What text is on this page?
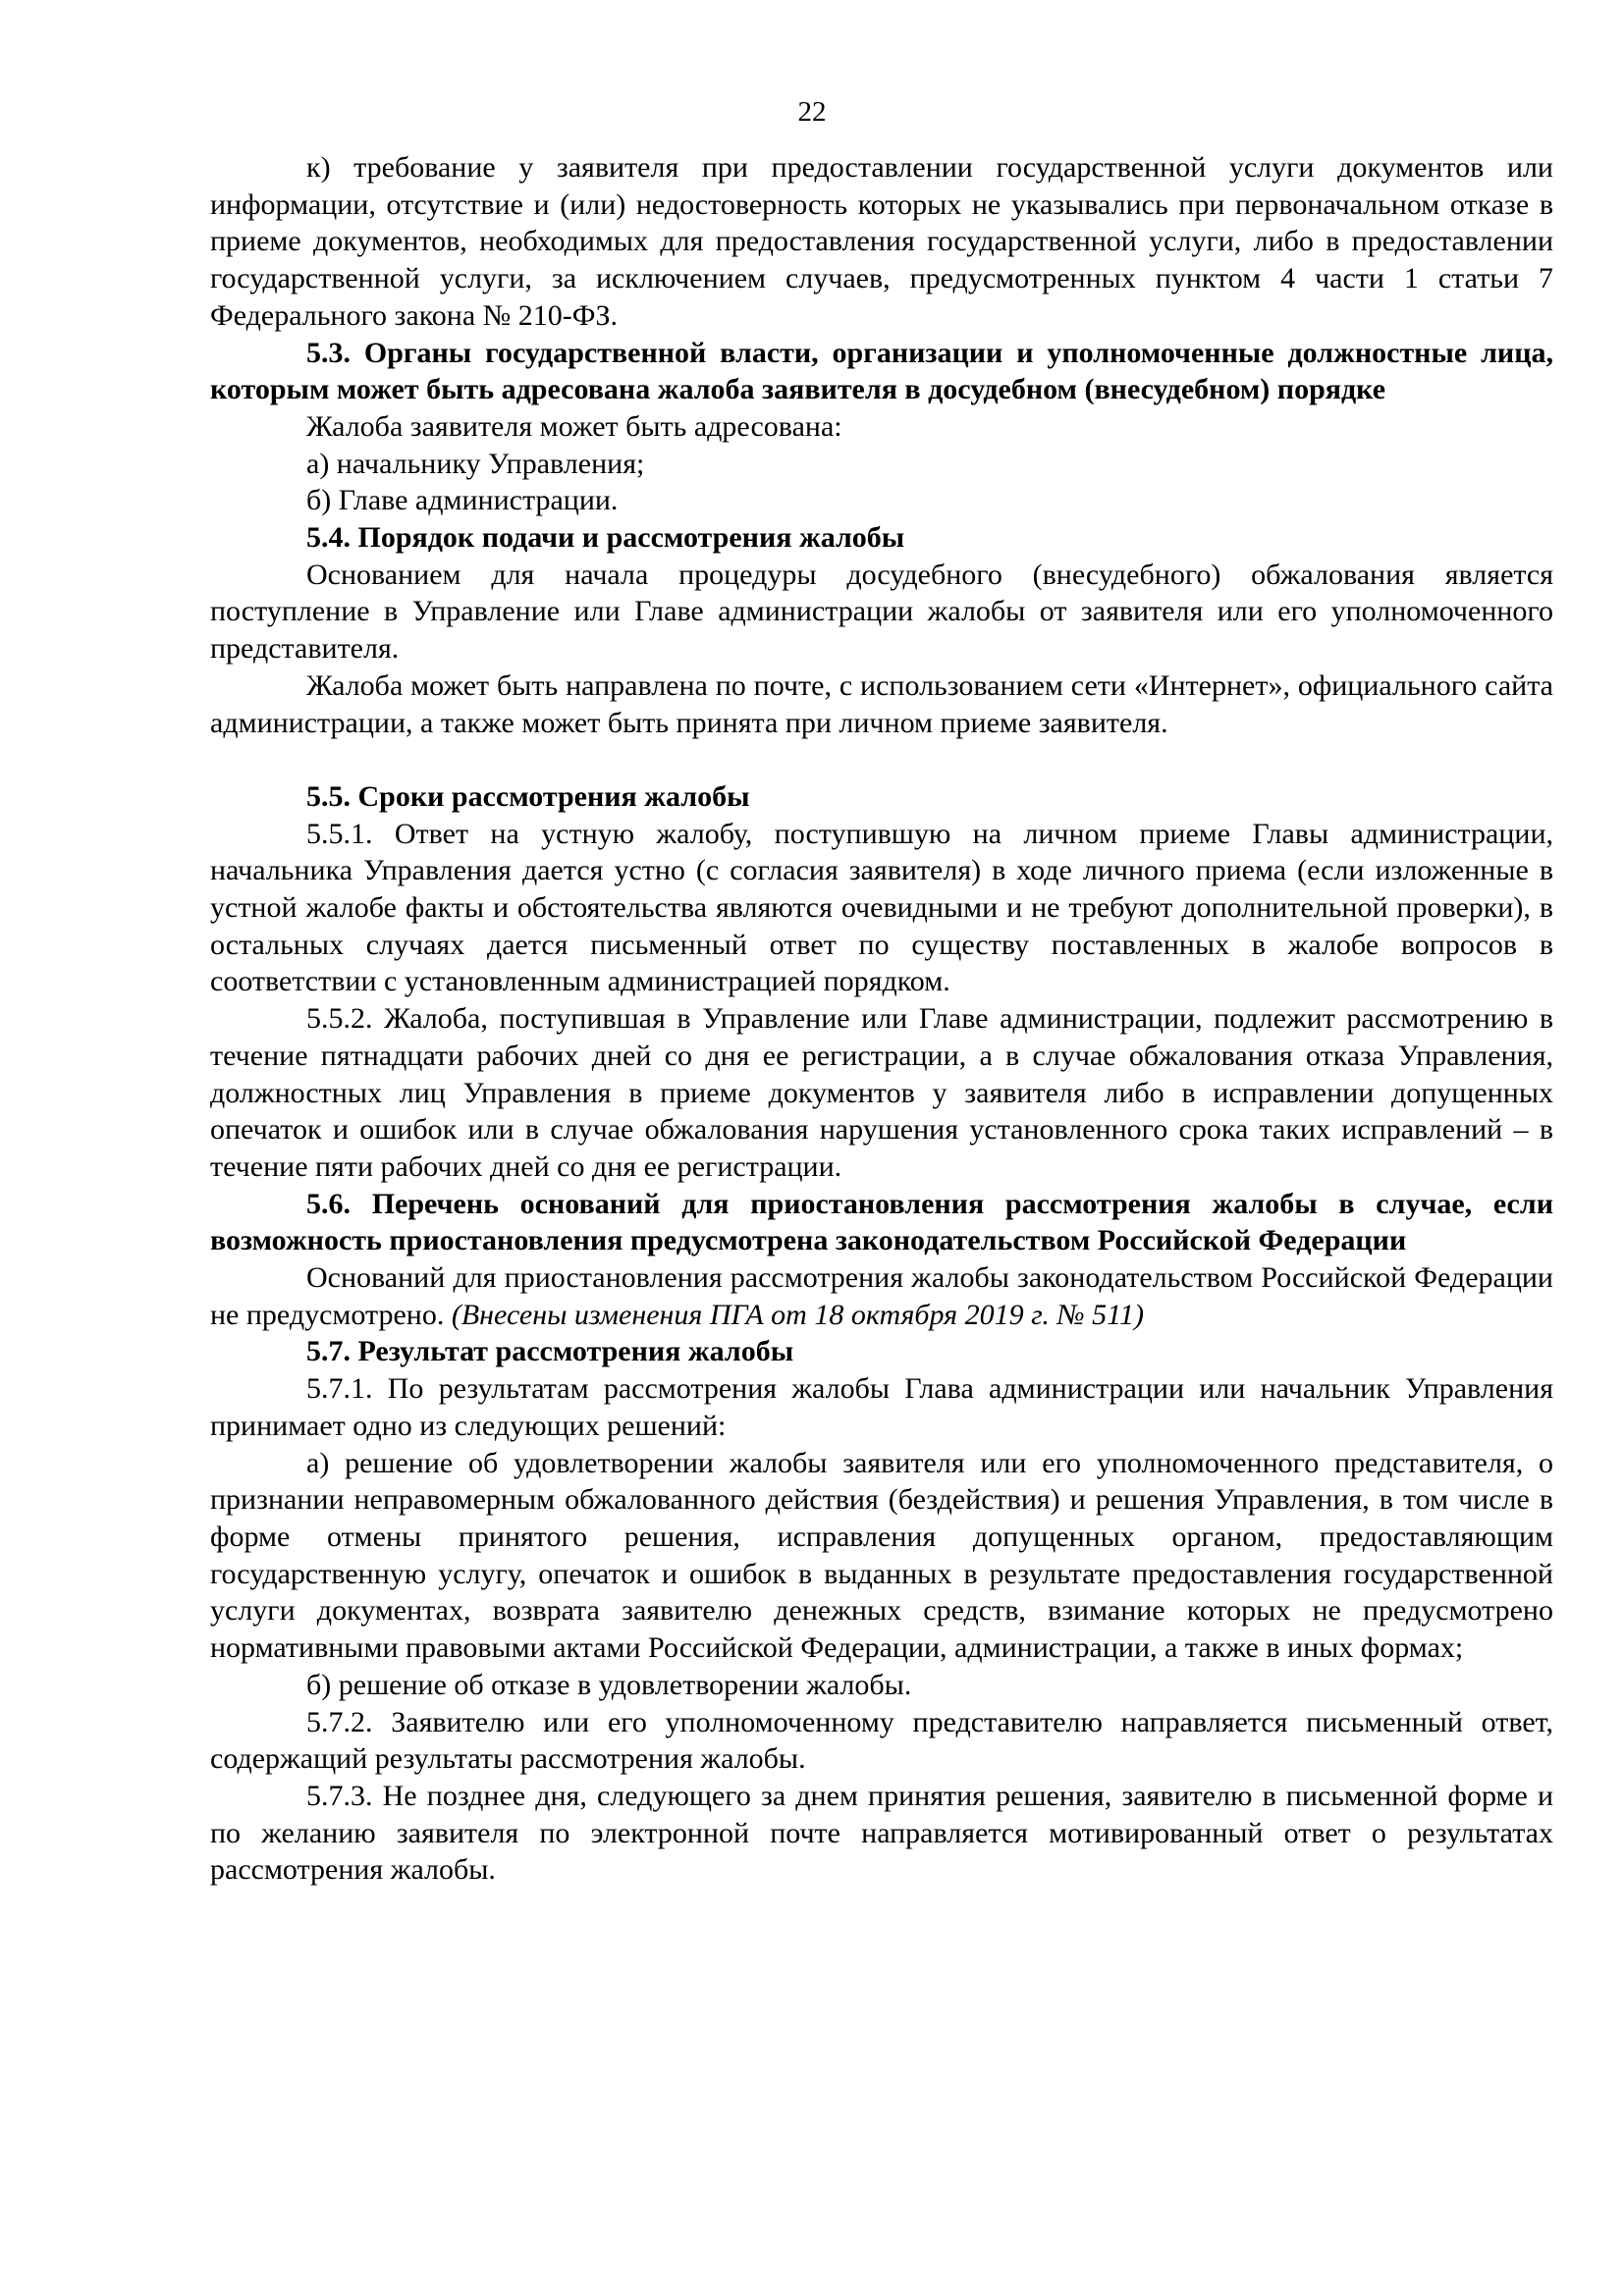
22

к) требование у заявителя при предоставлении государственной услуги документов или информации, отсутствие и (или) недостоверность которых не указывались при первоначальном отказе в приеме документов, необходимых для предоставления государственной услуги, либо в предоставлении государственной услуги, за исключением случаев, предусмотренных пунктом 4 части 1 статьи 7 Федерального закона № 210-ФЗ.

5.3. Органы государственной власти, организации и уполномоченные должностные лица, которым может быть адресована жалоба заявителя в досудебном (внесудебном) порядке

Жалоба заявителя может быть адресована:

а) начальнику Управления;

б) Главе администрации.

5.4. Порядок подачи и рассмотрения жалобы

Основанием для начала процедуры досудебного (внесудебного) обжалования является поступление в Управление или Главе администрации жалобы от заявителя или его уполномоченного представителя.

Жалоба может быть направлена по почте, с использованием сети «Интернет», официального сайта администрации, а также может быть принята при личном приеме заявителя.

5.5. Сроки рассмотрения жалобы

5.5.1. Ответ на устную жалобу, поступившую на личном приеме Главы администрации, начальника Управления дается устно (с согласия заявителя) в ходе личного приема (если изложенные в устной жалобе факты и обстоятельства являются очевидными и не требуют дополнительной проверки), в остальных случаях дается письменный ответ по существу поставленных в жалобе вопросов в соответствии с установленным администрацией порядком.

5.5.2. Жалоба, поступившая в Управление или Главе администрации, подлежит рассмотрению в течение пятнадцати рабочих дней со дня ее регистрации, а в случае обжалования отказа Управления, должностных лиц Управления в приеме документов у заявителя либо в исправлении допущенных опечаток и ошибок или в случае обжалования нарушения установленного срока таких исправлений – в течение пяти рабочих дней со дня ее регистрации.

5.6. Перечень оснований для приостановления рассмотрения жалобы в случае, если возможность приостановления предусмотрена законодательством Российской Федерации

Оснований для приостановления рассмотрения жалобы законодательством Российской Федерации не предусмотрено. (Внесены изменения ПГА от 18 октября 2019 г. № 511)

5.7. Результат рассмотрения жалобы

5.7.1. По результатам рассмотрения жалобы Глава администрации или начальник Управления принимает одно из следующих решений:

а) решение об удовлетворении жалобы заявителя или его уполномоченного представителя, о признании неправомерным обжалованного действия (бездействия) и решения Управления, в том числе в форме отмены принятого решения, исправления допущенных органом, предоставляющим государственную услугу, опечаток и ошибок в выданных в результате предоставления государственной услуги документах, возврата заявителю денежных средств, взимание которых не предусмотрено нормативными правовыми актами Российской Федерации, администрации, а также в иных формах;

б) решение об отказе в удовлетворении жалобы.

5.7.2. Заявителю или его уполномоченному представителю направляется письменный ответ, содержащий результаты рассмотрения жалобы.

5.7.3. Не позднее дня, следующего за днем принятия решения, заявителю в письменной форме и по желанию заявителя по электронной почте направляется мотивированный ответ о результатах рассмотрения жалобы.
